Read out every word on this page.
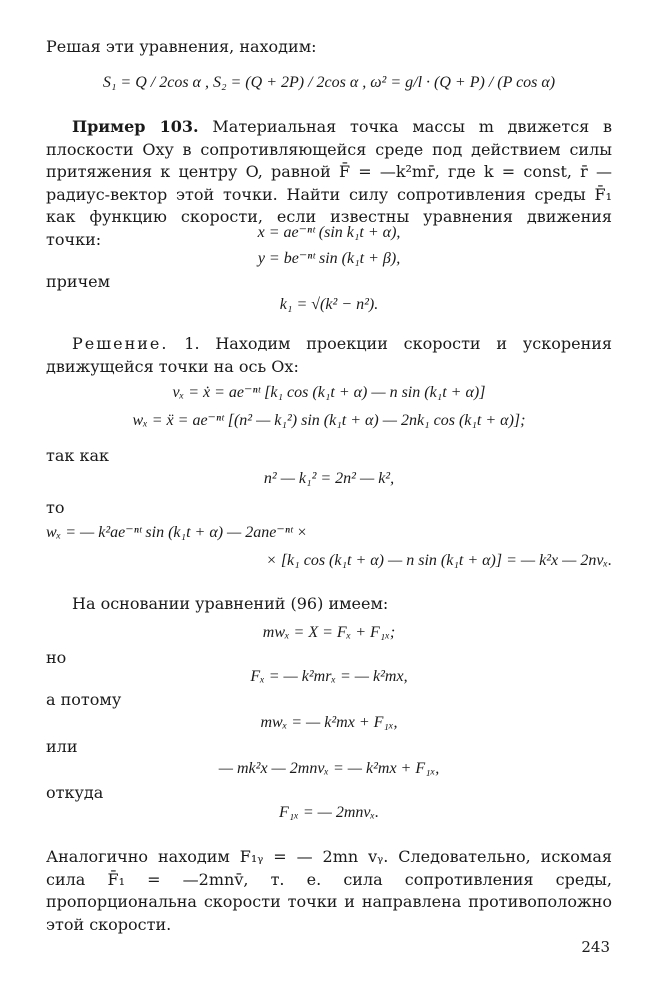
Решая эти уравнения, находим:

S₁ = Q / 2cos α , S₂ = (Q + 2P) / 2cos α , ω² = g/l · (Q + P) / (P cos α)

Пример 103. Материальная точка массы m движется в плоскости Oxy в сопротивляющейся среде под действием силы притяжения к центру O, равной F̄ = —k²mr̄, где k = const, r̄ — радиус-вектор этой точки. Найти силу сопротивления среды F̄₁ как функцию скорости, если известны уравнения движения точки:	x = ae⁻ⁿᵗ (sin k₁t + α),
y = be⁻ⁿᵗ sin (k₁t + β),
причем
k₁ = √(k² − n²).

Решение. 1. Находим проекции скорости и ускорения движущейся точки на ось Ox:

vₓ = ẋ = ae⁻ⁿᵗ [k₁ cos (k₁t + α) — n sin (k₁t + α)]
wₓ = ẍ = ae⁻ⁿᵗ [(n² — k₁²) sin (k₁t + α) — 2nk₁ cos (k₁t + α)];
так как
n² — k₁² = 2n² — k²,
то
wₓ = — k²ae⁻ⁿᵗ sin (k₁t + α) — 2ane⁻ⁿᵗ ×
× [k₁ cos (k₁t + α) — n sin (k₁t + α)] = — k²x — 2nvₓ.

На основании уравнений (96) имеем:

mwₓ = X = Fₓ + F₁ₓ;
но
Fₓ = — k²mrₓ = — k²mx,
а потому
mwₓ = — k²mx + F₁ₓ,
или
— mk²x — 2mnvₓ = — k²mx + F₁ₓ,
откуда
F₁ₓ = — 2mnvₓ.

Аналогично находим F₁ᵧ = — 2mn vᵧ. Следовательно, искомая сила F̄₁ = —2mnv̄, т. е. сила сопротивления среды, пропорциональна скорости точки и направлена противоположно этой скорости.

243
